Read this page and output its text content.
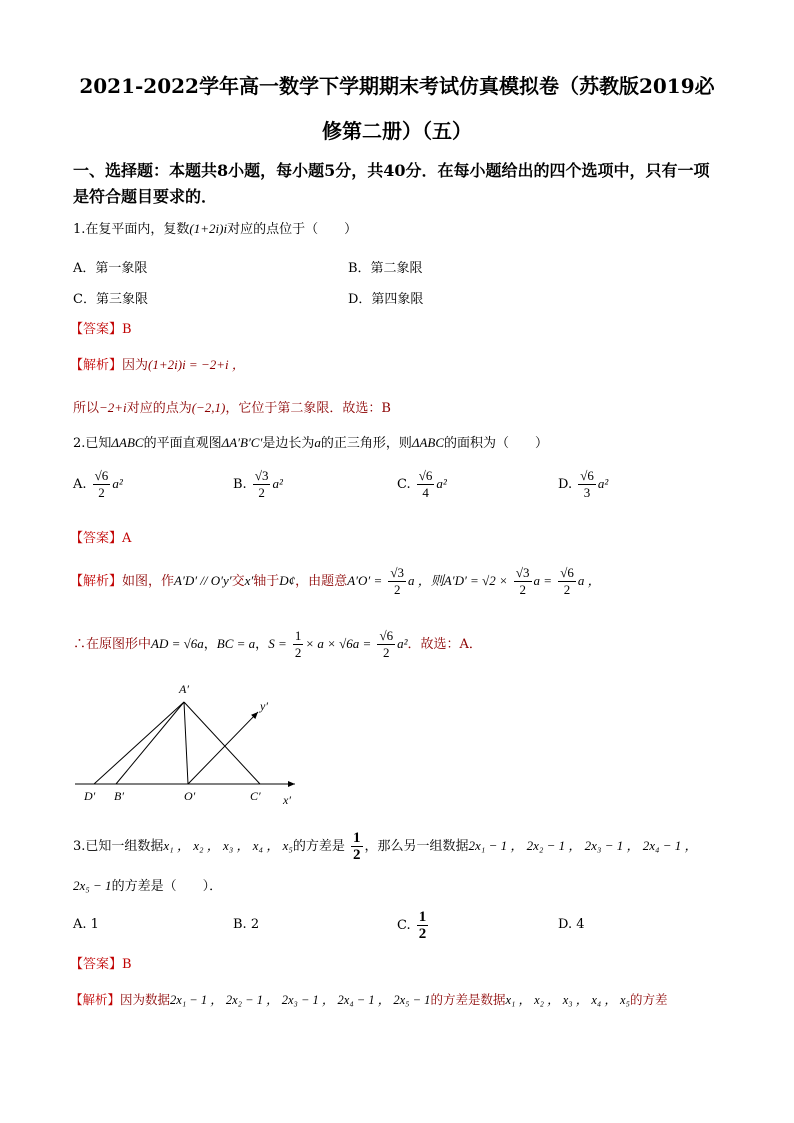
2021-2022学年高一数学下学期期末考试仿真模拟卷（苏教版2019必
修第二册）（五）
一、选择题：本题共8小题，每小题5分，共40分．在每小题给出的四个选项中，只有一项是符合题目要求的．
1.在复平面内，复数(1+2i)i对应的点位于（　　）
A．第一象限	B．第二象限
C．第三象限	D．第四象限
【答案】B
【解析】因为(1+2i)i = −2+i ，
所以−2+i对应的点为(−2,1)，它位于第二象限．故选：B
2.已知ΔABC的平面直观图ΔA′B′C′是边长为a的正三角形，则ΔABC的面积为（　　）
A. $\frac{√6}{2} a^2$	B. $\frac{√3}{2} a^2$	C. $\frac{√6}{4} a^2$	D. $\frac{√6}{3} a^2$
【答案】A
【解析】如图，作A′D′ // O′y′交x′轴于D¢，由题意$A'O' = \frac{√3}{2}$ a ，则$A'D' = √2 \times \frac{√3}{2}$ $a = \frac{√6}{2}$ a ，
∴在原图形中AD = √6a，BC = a，$S = \frac{1}{2} \times a \times √6a = \frac{√6}{2} a^2$．故选：A．
A′
y′
D′ B′	O′	C′ x′
3.已知一组数据x₁ ， x₂ ， x₃ ， x₄ ， x₅的方差是 $\frac{1}{2}$ ，那么另一组数据2x₁ − 1 ， 2x₂ − 1 ， 2x₃ − 1 ， 2x₄ − 1 ，
2x₅ − 1的方差是（　　）．
A. 1	B. 2	C. $\frac{1}{2}$	D. 4
【答案】B
【解析】因为数据2x₁ − 1 ， 2x₂ − 1 ， 2x₃ − 1 ， 2x₄ − 1 ， 2x₅ − 1的方差是数据x₁ ， x₂ ， x₃ ， x₄ ， x₅的方差
